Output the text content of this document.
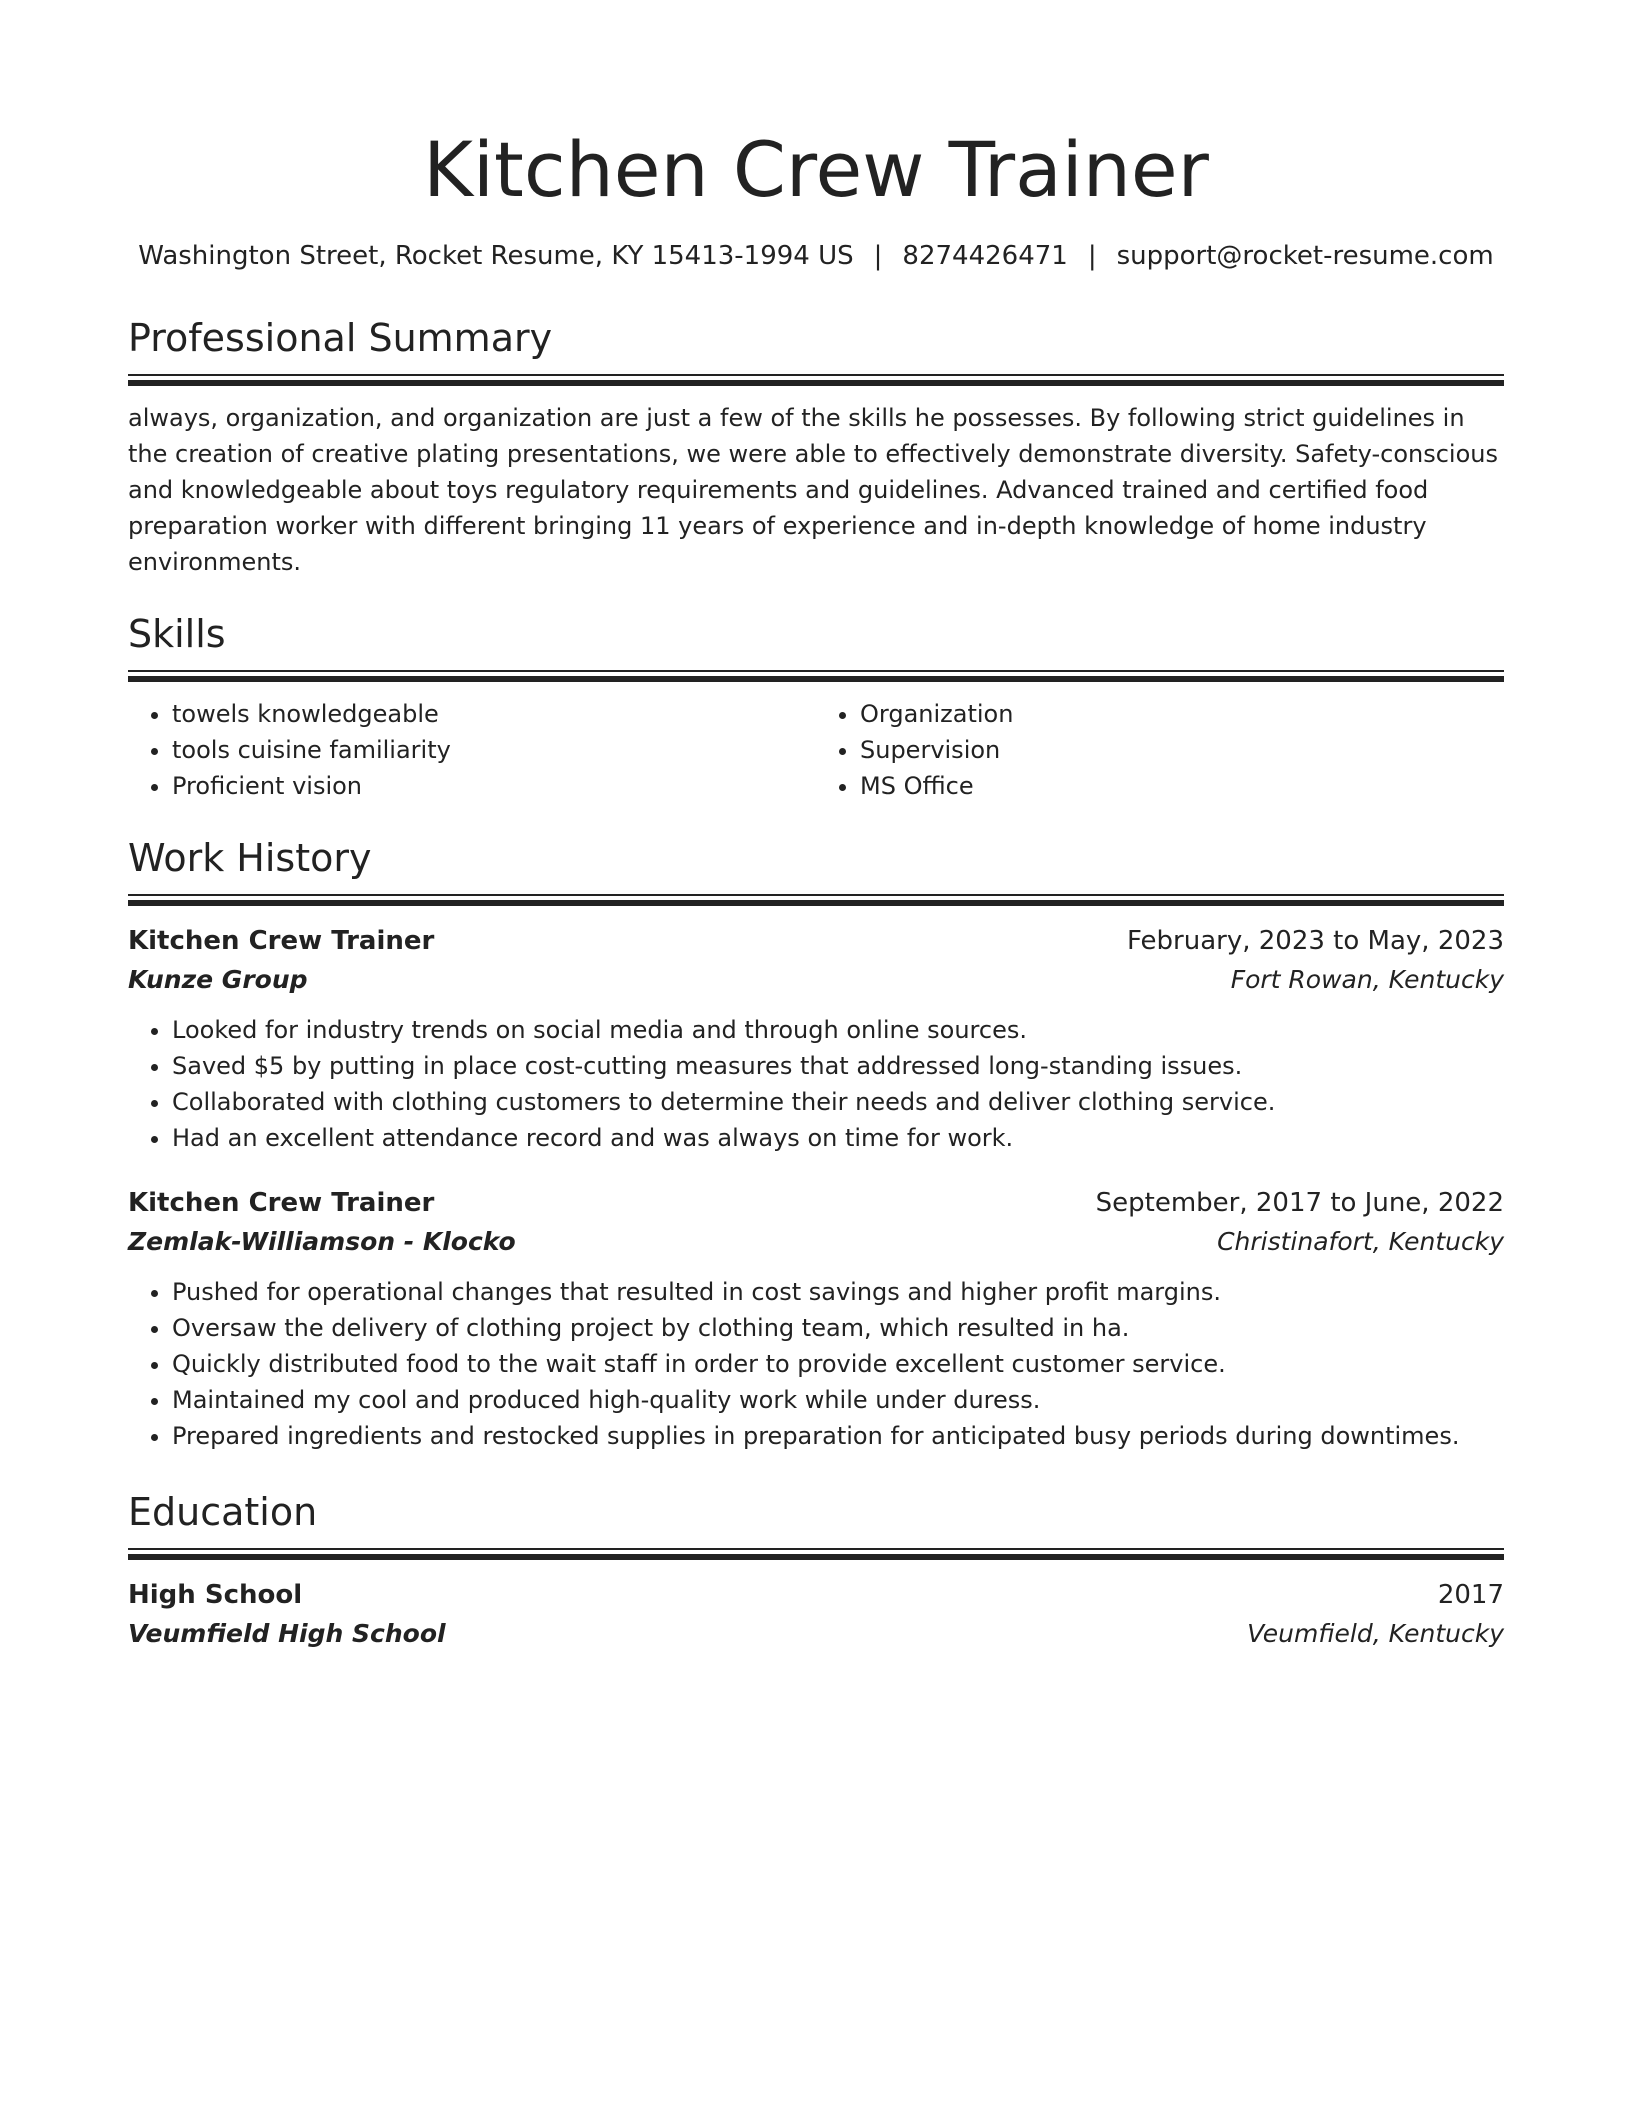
Kitchen Crew Trainer
Washington Street, Rocket Resume, KY 15413-1994 US | 8274426471 | support@rocket-resume.com
Professional Summary
always, organization, and organization are just a few of the skills he possesses. By following strict guidelines in the creation of creative plating presentations, we were able to effectively demonstrate diversity. Safety-conscious and knowledgeable about toys regulatory requirements and guidelines. Advanced trained and certified food preparation worker with different bringing 11 years of experience and in-depth knowledge of home industry environments.
Skills
• towels knowledgeable
• tools cuisine familiarity
• Proficient vision
• Organization
• Supervision
• MS Office
Work History
Kitchen Crew Trainer	February, 2023 to May, 2023
Kunze Group	Fort Rowan, Kentucky
• Looked for industry trends on social media and through online sources.
• Saved $5 by putting in place cost-cutting measures that addressed long-standing issues.
• Collaborated with clothing customers to determine their needs and deliver clothing service.
• Had an excellent attendance record and was always on time for work.
Kitchen Crew Trainer	September, 2017 to June, 2022
Zemlak-Williamson - Klocko	Christinafort, Kentucky
• Pushed for operational changes that resulted in cost savings and higher profit margins.
• Oversaw the delivery of clothing project by clothing team, which resulted in ha.
• Quickly distributed food to the wait staff in order to provide excellent customer service.
• Maintained my cool and produced high-quality work while under duress.
• Prepared ingredients and restocked supplies in preparation for anticipated busy periods during downtimes.
Education
High School	2017
Veumfield High School	Veumfield, Kentucky
